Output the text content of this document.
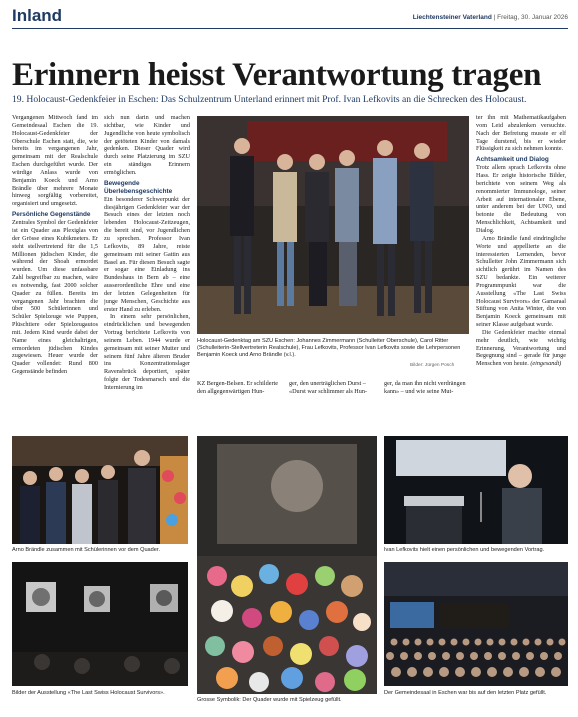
Inland	Liechtensteiner Vaterland | Freitag, 30. Januar 2026
Erinnern heisst Verantwortung tragen
19. Holocaust-Gedenkfeier in Eschen: Das Schulzentrum Unterland erinnert mit Prof. Ivan Lefkovits an die Schrecken des Holocaust.

Vergangenen Mittwoch fand im Gemeindesaal Eschen die 19. Holocaust-Gedenkfeier der Oberschule Eschen statt, die, wie bereits im vergangenen Jahr, gemeinsam mit der Realschule Eschen durchgeführt wurde. Der würdige Anlass wurde von Benjamin Koeck und Arno Brändle über mehrere Monate hinweg sorgfältig vorbereitet, organisiert und umgesetzt.

Persönliche Gegenstände

Zentrales Symbol der Gedenkfeier ist ein Quader aus Plexiglas von der Grösse eines Kubikmeters. Er steht stellvertretend für die 1,5 Millionen jüdischen Kinder, die während der Shoah ermordet wurden. Um diese unfassbare Zahl begreifbar zu machen, wäre es notwendig, fast 2000 solcher Quader zu füllen. Bereits im vergangenen Jahr brachten die über 500 Schülerinnen und Schüler Spielzeuge wie Puppen, Plüschtiere oder Spielzeugautos mit. Jedem Kind wurde dabei der Name eines gleichaltrigen, ermordeten jüdischen Kindes zugewiesen. Heuer wurde der Quader vollendet: Rund 800 Gegenstände befinden

sich nun darin und machen sichtbar, wie Kinder und Jugendliche von heute symbolisch der getöteten Kinder von damals gedenken. Dieser Quader wird durch seine Platzierung im SZU ein ständiges Erinnern ermöglichen.

Bewegende Überlebensgeschichte

Ein besonderer Schwerpunkt der diesjährigen Gedenkfeier war der Besuch eines der letzten noch lebenden Holocaust-Zeitzeugen, die bereit sind, vor Jugendlichen zu sprechen. Professor Ivan Lefkovits, 89 Jahre, reiste gemeinsam mit seiner Gattin aus Basel an. Für diesen Besuch sagte er sogar eine Einladung ins Bundeshaus in Bern ab – eine ausserordentliche Ehre und eine der letzten Gelegenheiten für junge Menschen, Geschichte aus erster Hand zu erleben.

In einem sehr persönlichen, eindrücklichen und bewegenden Vortrag berichtete Lefkovits von seinem Leben. 1944 wurde er gemeinsam mit seiner Mutter und seinem fünf Jahre älteren Bruder ins Konzentrationslager Ravensbrück deportiert, später folgte der Todesmarsch und die Internierung im

ter ihn mit Mathematikaufgaben vom Leid abzulenken versuchte. Nach der Befreiung musste er elf Tage durstend, bis er wieder Flüssigkeit zu sich nehmen konnte.

Achtsamkeit und Dialog

Trotz allem sprach Lefkovits ohne Hass. Er zeigte historische Bilder, berichtete von seinem Weg als renommierter Immunologe, seiner Arbeit auf internationaler Ebene, unter anderem bei der UNO, und betonte die Bedeutung von Menschlichkeit, Achtsamkeit und Dialog.

Arno Brändle fand eindringliche Worte und appellierte an die interessierten Lernenden, bevor Schulleiter John Zimmermann sich sichtlich gerührt im Namen des SZU bedankte. Ein weiterer Programmpunkt war die Ausstellung «The Last Swiss Holocaust Survivors» der Gamaraal Stiftung von Anita Winter, die von Benjamin Koeck gemeinsam mit seiner Klasse aufgebaut wurde.

Die Gedenkfeier machte einmal mehr deutlich, wie wichtig Erinnerung, Verantwortung und Begegnung sind – gerade für junge Menschen von heute. (eingesandt)

Holocaust-Gedenktag am SZU Eschen: Johannes Zimmermann (Schulleiter Oberschule), Carol Ritter (Schulleiterin-Stellvertreterin Realschule), Frau Lefkovits, Professor Ivan Lefkovits sowie die Lehrpersonen Benjamin Koeck und Arno Brändle (v.l.).
Bilder: Jürgen Posch
KZ Bergen-Belsen. Er schilderte den allgegenwärtigen Hun-
ger, den unerträglichen Durst – «Durst war schlimmer als Hun-
ger, da man ihn nicht verdrängen kann» – und wie seine Mut-
Arno Brändle zusammen mit Schülerinnen vor dem Quader.
Grosse Symbolik: Der Quader wurde mit Spielzeug gefüllt.
Ivan Lefkovits hielt einen persönlichen und bewegenden Vortrag.
Bilder der Ausstellung «The Last Swiss Holocaust Survivors».	Der Gemeindesaal in Eschen war bis auf den letzten Platz gefüllt.
